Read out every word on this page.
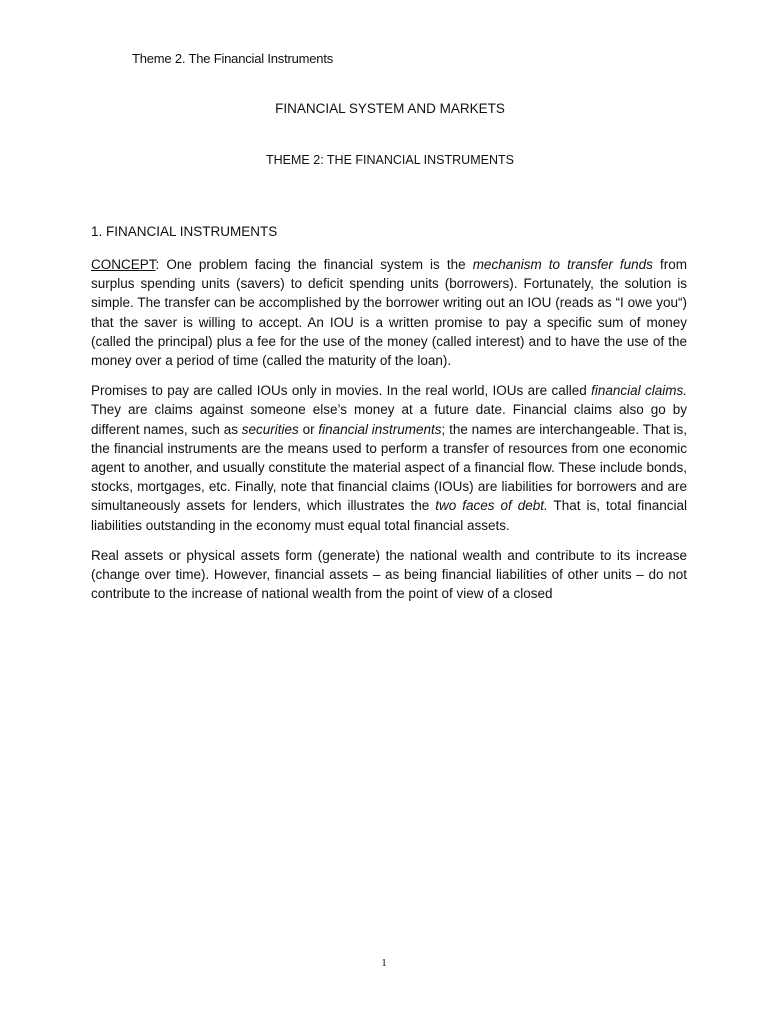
Theme 2. The Financial Instruments
FINANCIAL SYSTEM AND MARKETS
THEME 2: THE FINANCIAL INSTRUMENTS
1. FINANCIAL INSTRUMENTS

CONCEPT: One problem facing the financial system is the mechanism to transfer funds from surplus spending units (savers) to deficit spending units (borrowers). Fortunately, the solution is simple. The transfer can be accomplished by the borrower writing out an IOU (reads as “I owe you“) that the saver is willing to accept. An IOU is a written promise to pay a specific sum of money (called the principal) plus a fee for the use of the money (called interest) and to have the use of the money over a period of time (called the maturity of the loan).

Promises to pay are called IOUs only in movies. In the real world, IOUs are called financial claims. They are claims against someone else’s money at a future date. Financial claims also go by different names, such as securities or financial instruments; the names are interchangeable. That is, the financial instruments are the means used to perform a transfer of resources from one economic agent to another, and usually constitute the material aspect of a financial flow. These include bonds, stocks, mortgages, etc. Finally, note that financial claims (IOUs) are liabilities for borrowers and are simultaneously assets for lenders, which illustrates the two faces of debt. That is, total financial liabilities outstanding in the economy must equal total financial assets.

Real assets or physical assets form (generate) the national wealth and contribute to its increase (change over time). However, financial assets – as being financial liabilities of other units – do not contribute to the increase of national wealth from the point of view of a closed

1
